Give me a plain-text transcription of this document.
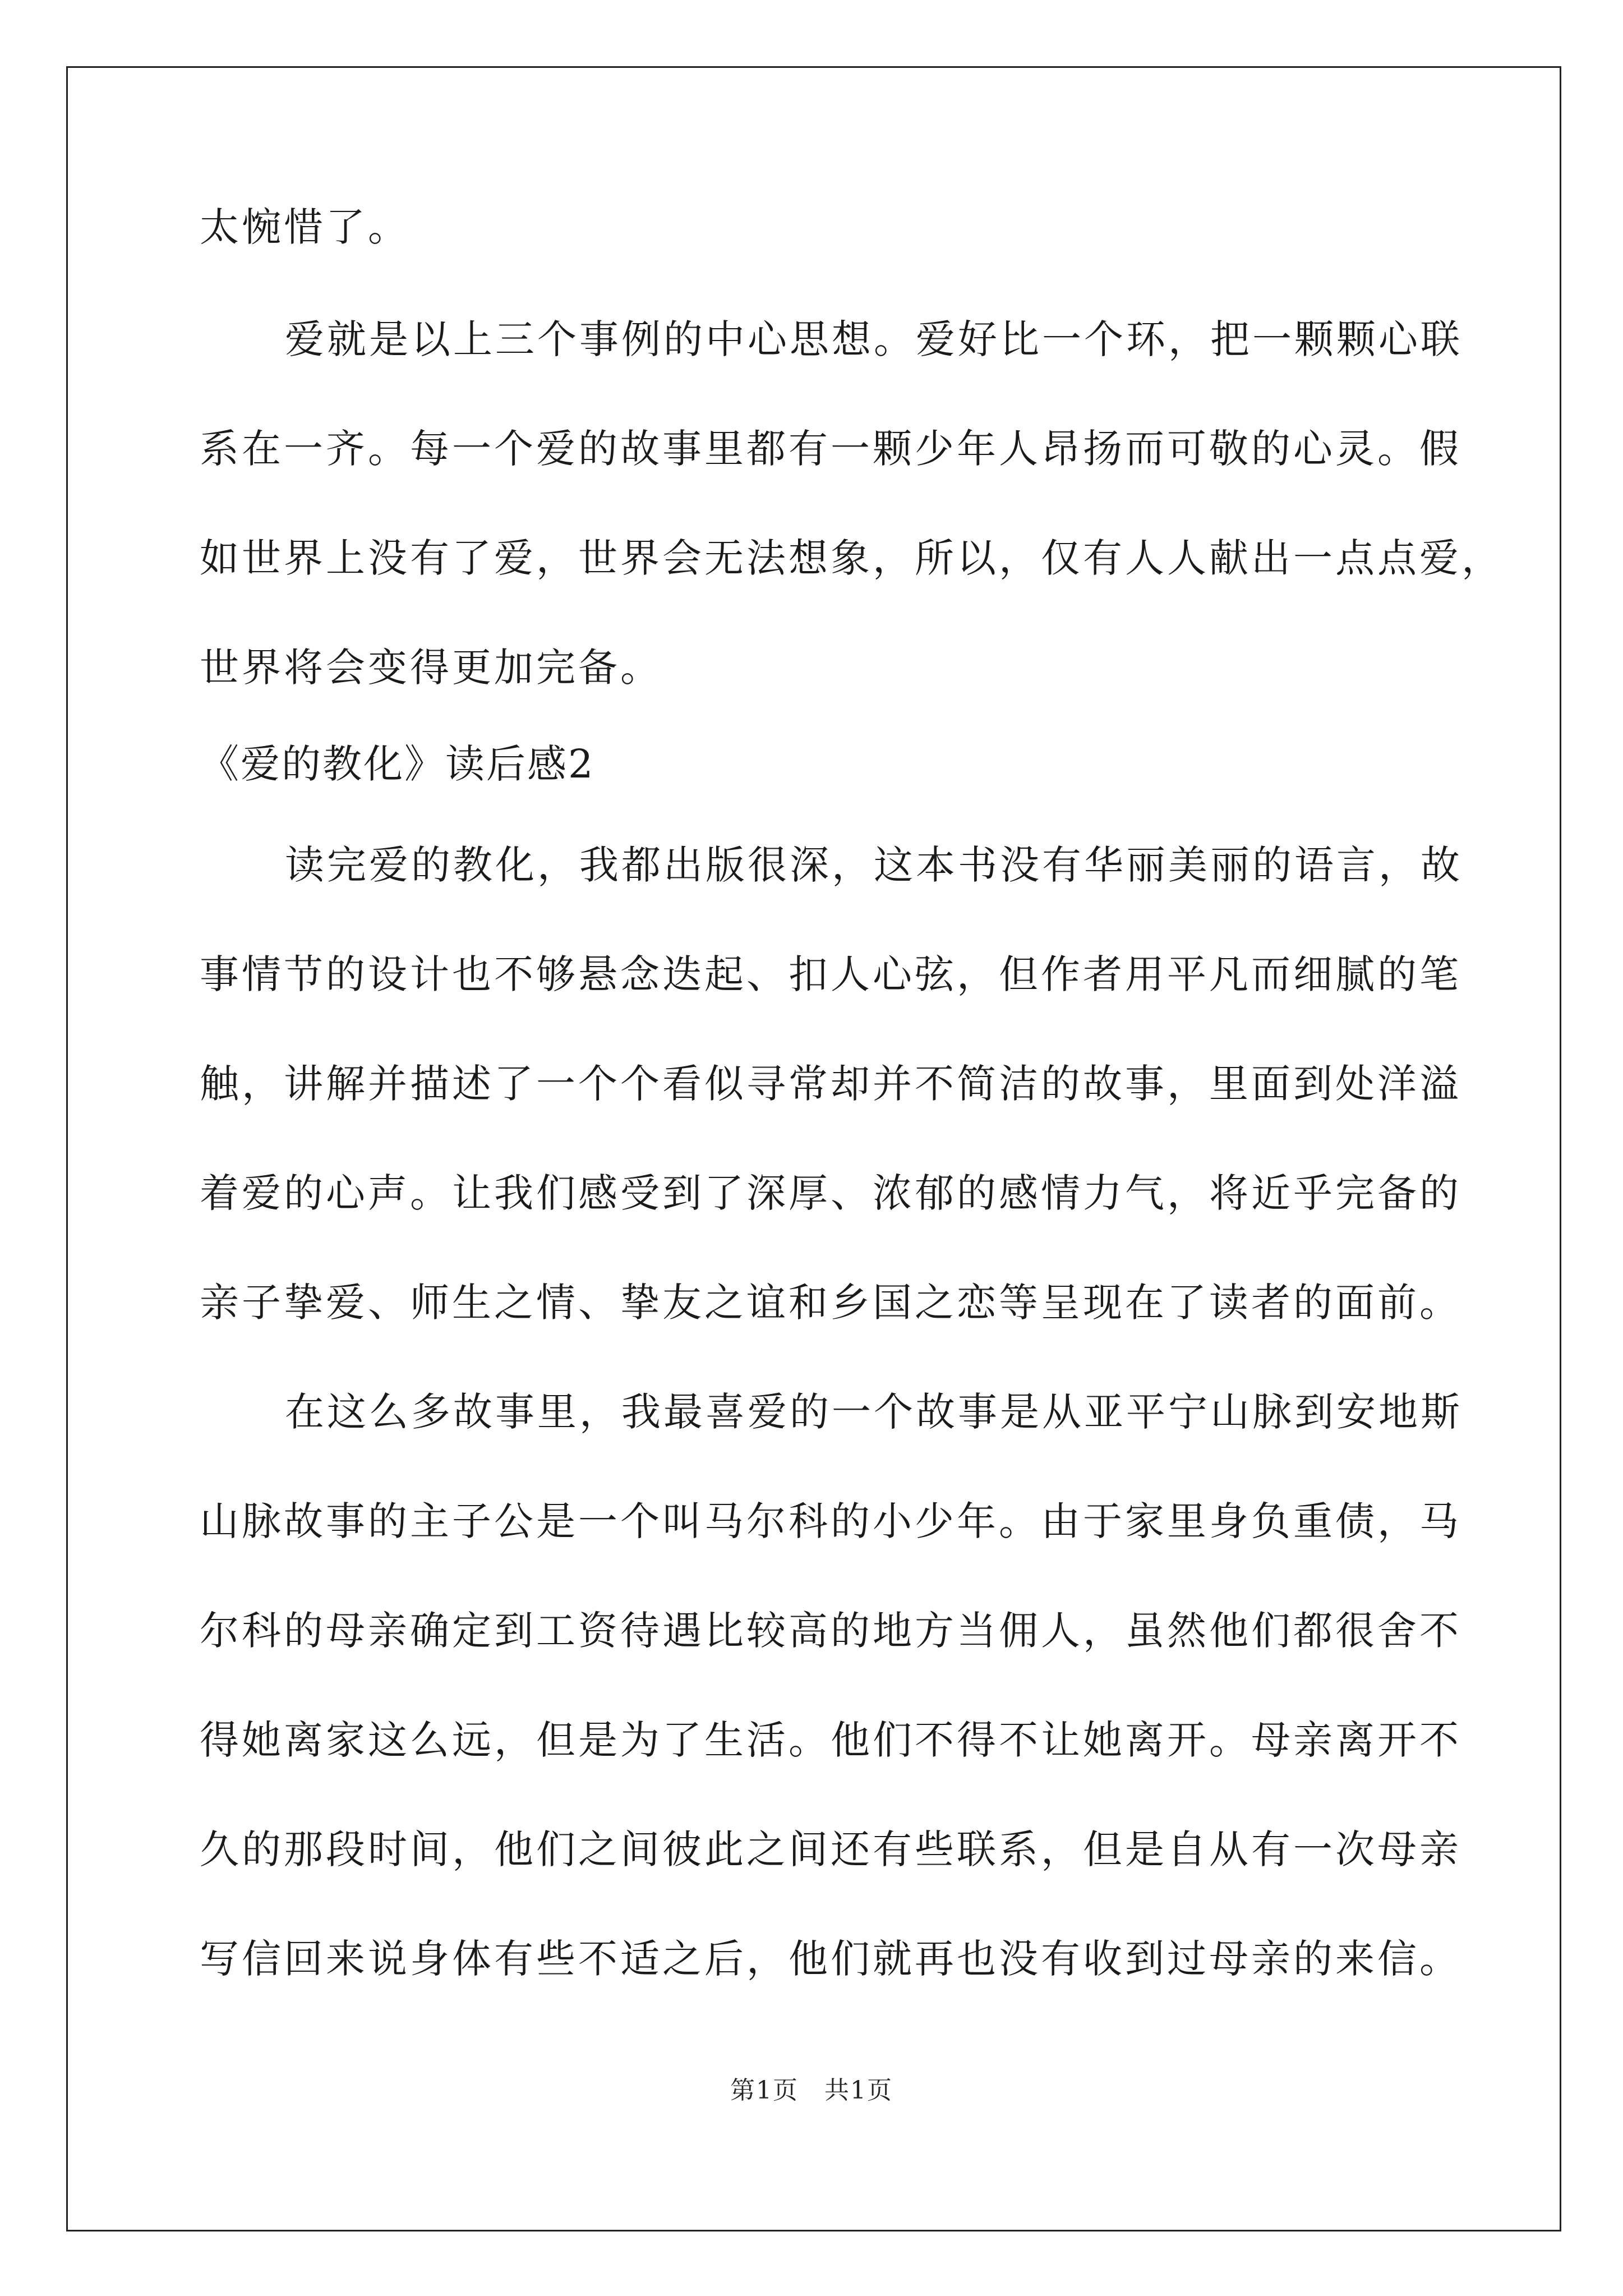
太惋惜了。

爱就是以上三个事例的中心思想。爱好比一个环，把一颗颗心联

系在一齐。每一个爱的故事里都有一颗少年人昂扬而可敬的心灵。假

如世界上没有了爱，世界会无法想象，所以，仅有人人献出一点点爱，

世界将会变得更加完备。

《爱的教化》读后感2

读完爱的教化，我都出版很深，这本书没有华丽美丽的语言，故

事情节的设计也不够悬念迭起、扣人心弦，但作者用平凡而细腻的笔

触，讲解并描述了一个个看似寻常却并不简洁的故事，里面到处洋溢

着爱的心声。让我们感受到了深厚、浓郁的感情力气，将近乎完备的

亲子挚爱、师生之情、挚友之谊和乡国之恋等呈现在了读者的面前。

在这么多故事里，我最喜爱的一个故事是从亚平宁山脉到安地斯

山脉故事的主子公是一个叫马尔科的小少年。由于家里身负重债，马

尔科的母亲确定到工资待遇比较高的地方当佣人，虽然他们都很舍不

得她离家这么远，但是为了生活。他们不得不让她离开。母亲离开不

久的那段时间，他们之间彼此之间还有些联系，但是自从有一次母亲

写信回来说身体有些不适之后，他们就再也没有收到过母亲的来信。

第1页　共1页
